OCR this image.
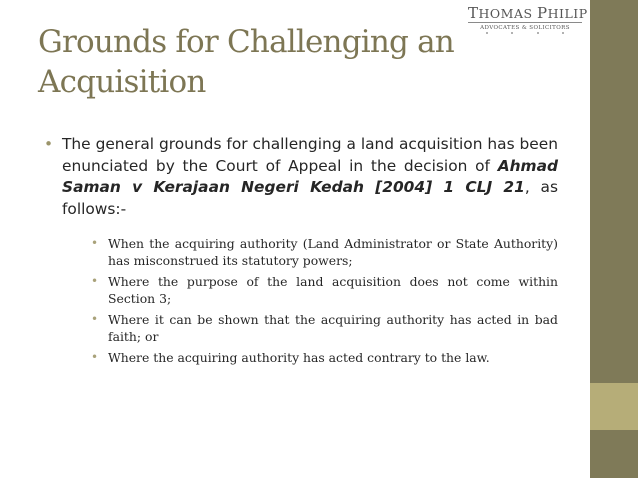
THOMAS PHILIP
ADVOCATES & SOLICITORS
Grounds for Challenging an
Acquisition
• The general grounds for challenging a land acquisition has been enunciated by the Court of Appeal in the decision of Ahmad Saman v Kerajaan Negeri Kedah [2004] 1 CLJ 21, as follows:-
• When the acquiring authority (Land Administrator or State Authority) has misconstrued its statutory powers;
• Where the purpose of the land acquisition does not come within Section 3;
• Where it can be shown that the acquiring authority has acted in bad faith; or
• Where the acquiring authority has acted contrary to the law.
